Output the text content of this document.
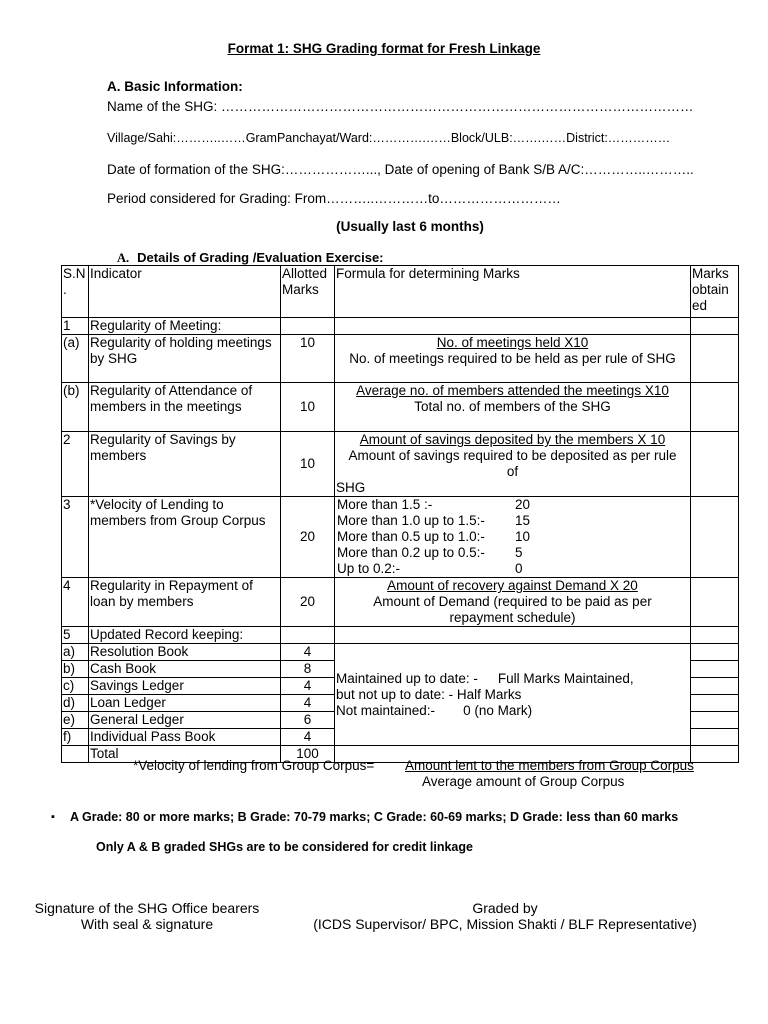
Format 1: SHG Grading format for Fresh Linkage
A. Basic Information:
Name of the SHG: ……………………………………………………………………………………………
Village/Sahi:………..……GramPanchayat/Ward:………….……Block/ULB:…….……District:……………
Date of formation of the SHG:………………..., Date of opening of Bank S/B A/C:…………..………..
Period considered for Grading: From………..…………to………………………
(Usually last 6 months)
A. Details of Grading /Evaluation Exercise:
S.N .	Indicator	Allotted Marks	Formula for determining Marks	Marks obtain ed
1	Regularity of Meeting:			
(a)	Regularity of holding meetings by SHG	10	No. of meetings held X10
No. of meetings required to be held as per rule of SHG

(b)	Regularity of Attendance of members in the meetings	10	
Average no. of members attended the meetings X10
Total no. of members of the SHG

2	Regularity of Savings by members	10	
Amount of savings deposited by the members X 10
Amount of savings required to be deposited as per rule of
SHG

3	*Velocity of Lending to members from Group Corpus	20	
More than 1.5 :-	20
More than 1.0 up to 1.5:-	15
More than 0.5 up to 1.0:-	10
More than 0.2 up to 0.5:-	5
Up to 0.2:-	0

4	Regularity in Repayment of loan by members	20	
Amount of recovery against Demand X 20
Amount of Demand (required to be paid as per repayment schedule)

5	Updated Record keeping:			
a)	Resolution Book	4	
Maintained up to date: - Full Marks Maintained,
but not up to date: - Half Marks
Not maintained:- 0 (no Mark)

b)	Cash Book	8	
c)	Savings Ledger	4	
d)	Loan Ledger	4	
e)	General Ledger	6	
f)	Individual Pass Book	4	
	Total	100		
*Velocity of lending from Group Corpus= Amount lent to the members from Group Corpus
Average amount of Group Corpus
▪ A Grade: 80 or more marks; B Grade: 70-79 marks; C Grade: 60-69 marks; D Grade: less than 60 marks
Only A & B graded SHGs are to be considered for credit linkage
Signature of the SHG Office bearers
With seal & signature
Graded by
(ICDS Supervisor/ BPC, Mission Shakti / BLF Representative)
